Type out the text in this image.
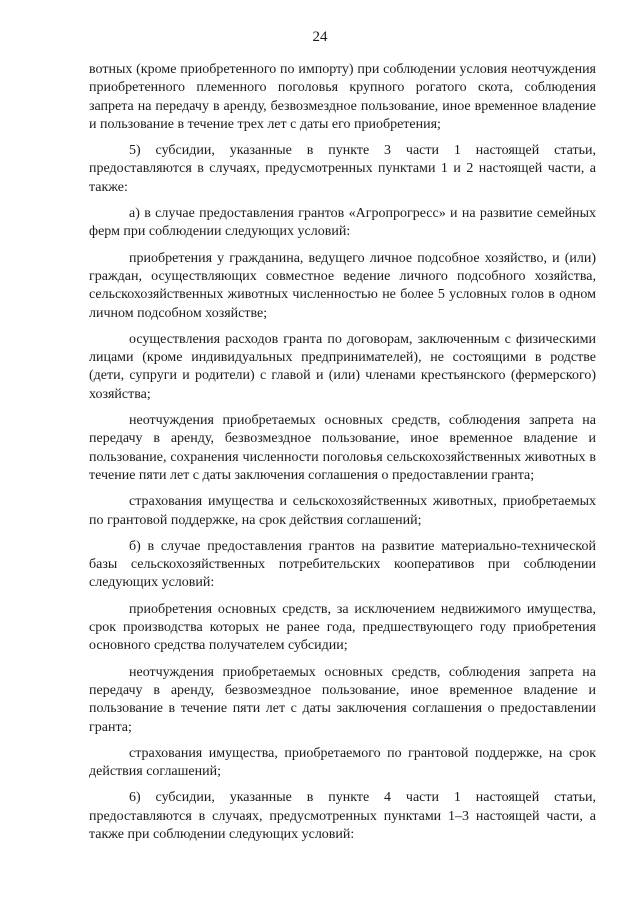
24

вотных (кроме приобретенного по импорту) при соблюдении условия неотчуждения приобретенного племенного поголовья крупного рогатого скота, соблюдения запрета на передачу в аренду, безвозмездное пользование, иное временное владение и пользование в течение трех лет с даты его приобретения;

5) субсидии, указанные в пункте 3 части 1 настоящей статьи, предоставляются в случаях, предусмотренных пунктами 1 и 2 настоящей части, а также:

а) в случае предоставления грантов «Агропрогресс» и на развитие семейных ферм при соблюдении следующих условий:

приобретения у гражданина, ведущего личное подсобное хозяйство, и (или) граждан, осуществляющих совместное ведение личного подсобного хозяйства, сельскохозяйственных животных численностью не более 5 условных голов в одном личном подсобном хозяйстве;

осуществления расходов гранта по договорам, заключенным с физическими лицами (кроме индивидуальных предпринимателей), не состоящими в родстве (дети, супруги и родители) с главой и (или) членами крестьянского (фермерского) хозяйства;

неотчуждения приобретаемых основных средств, соблюдения запрета на передачу в аренду, безвозмездное пользование, иное временное владение и пользование, сохранения численности поголовья сельскохозяйственных животных в течение пяти лет с даты заключения соглашения о предоставлении гранта;

страхования имущества и сельскохозяйственных животных, приобретаемых по грантовой поддержке, на срок действия соглашений;

б) в случае предоставления грантов на развитие материально-технической базы сельскохозяйственных потребительских кооперативов при соблюдении следующих условий:

приобретения основных средств, за исключением недвижимого имущества, срок производства которых не ранее года, предшествующего году приобретения основного средства получателем субсидии;

неотчуждения приобретаемых основных средств, соблюдения запрета на передачу в аренду, безвозмездное пользование, иное временное владение и пользование в течение пяти лет с даты заключения соглашения о предоставлении гранта;

страхования имущества, приобретаемого по грантовой поддержке, на срок действия соглашений;

6) субсидии, указанные в пункте 4 части 1 настоящей статьи, предоставляются в случаях, предусмотренных пунктами 1–3 настоящей части, а также при соблюдении следующих условий:
